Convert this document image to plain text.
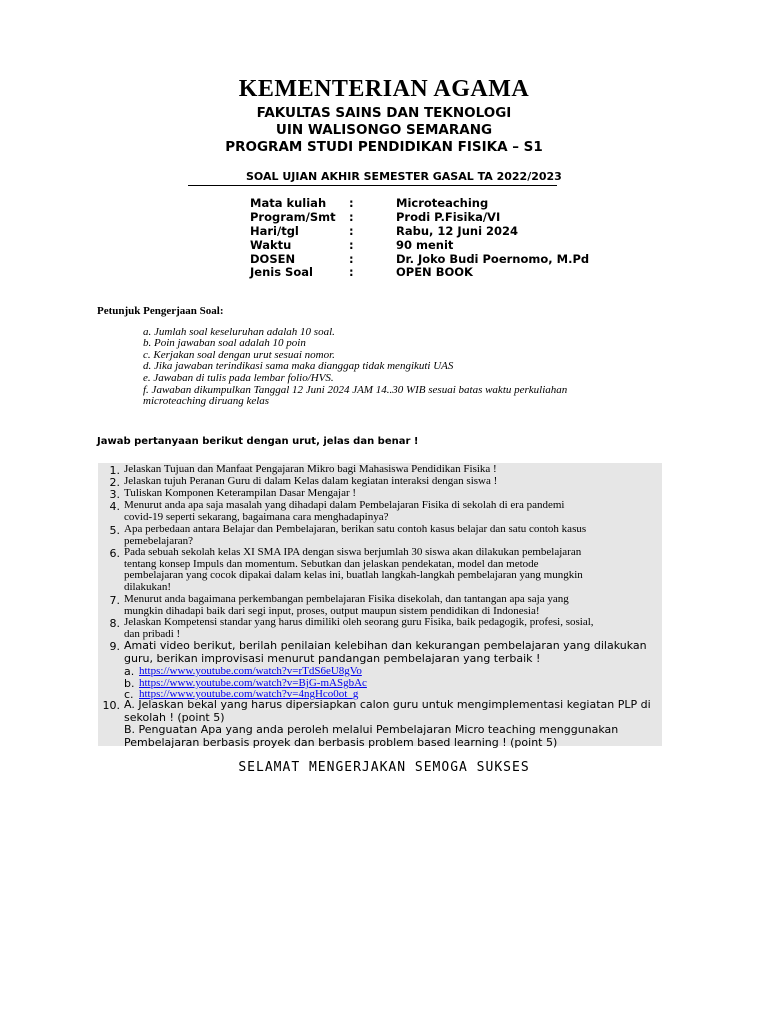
KEMENTERIAN AGAMA
FAKULTAS SAINS DAN TEKNOLOGI
UIN WALISONGO SEMARANG
PROGRAM STUDI PENDIDIKAN FISIKA – S1
SOAL UJIAN AKHIR SEMESTER GASAL TA 2022/2023
Mata kuliah :	Microteaching
Program/Smt :	Prodi P.Fisika/VI
Hari/tgl	:	Rabu, 12 Juni 2024
Waktu	:	90 menit
DOSEN	:	Dr. Joko Budi Poernomo, M.Pd
Jenis Soal	:	OPEN BOOK
Petunjuk Pengerjaan Soal:
a. Jumlah soal keseluruhan adalah 10 soal.
b. Poin jawaban soal adalah 10 poin
c. Kerjakan soal dengan urut sesuai nomor.
d. Jika jawaban terindikasi sama maka dianggap tidak mengikuti UAS
e. Jawaban di tulis pada lembar folio/HVS.
f. Jawaban dikumpulkan Tanggal 12 Juni 2024 JAM 14..30 WIB sesuai batas waktu perkuliahan
microteaching diruang kelas
Jawab pertanyaan berikut dengan urut, jelas dan benar !
1. Jelaskan Tujuan dan Manfaat Pengajaran Mikro bagi Mahasiswa Pendidikan Fisika !
2. Jelaskan tujuh Peranan Guru di dalam Kelas dalam kegiatan interaksi dengan siswa !
3. Tuliskan Komponen Keterampilan Dasar Mengajar !
4. Menurut anda apa saja masalah yang dihadapi dalam Pembelajaran Fisika di sekolah di era pandemi
covid-19 seperti sekarang, bagaimana cara menghadapinya?
5. Apa perbedaan antara Belajar dan Pembelajaran, berikan satu contoh kasus belajar dan satu contoh kasus
pemebelajaran?
6. Pada sebuah sekolah kelas XI SMA IPA dengan siswa berjumlah 30 siswa akan dilakukan pembelajaran
tentang konsep Impuls dan momentum. Sebutkan dan jelaskan pendekatan, model dan metode
pembelajaran yang cocok dipakai dalam kelas ini, buatlah langkah-langkah pembelajaran yang mungkin
dilakukan!
7. Menurut anda bagaimana perkembangan pembelajaran Fisika disekolah, dan tantangan apa saja yang
mungkin dihadapi baik dari segi input, proses, output maupun sistem pendidikan di Indonesia!
8. Jelaskan Kompetensi standar yang harus dimiliki oleh seorang guru Fisika, baik pedagogik, profesi, sosial,
dan pribadi !
9. Amati video berikut, berilah penilaian kelebihan dan kekurangan pembelajaran yang dilakukan
guru, berikan improvisasi menurut pandangan pembelajaran yang terbaik !
a. https://www.youtube.com/watch?v=rTdS6eU8gVo
b. https://www.youtube.com/watch?v=BjG-mASgbAc
c. https://www.youtube.com/watch?v=4ngHco0ot_g
10. A. Jelaskan bekal yang harus dipersiapkan calon guru untuk mengimplementasi kegiatan PLP di
sekolah ! (point 5)
B. Penguatan Apa yang anda peroleh melalui Pembelajaran Micro teaching menggunakan
Pembelajaran berbasis proyek dan berbasis problem based learning ! (point 5)
SELAMAT MENGERJAKAN SEMOGA SUKSES
